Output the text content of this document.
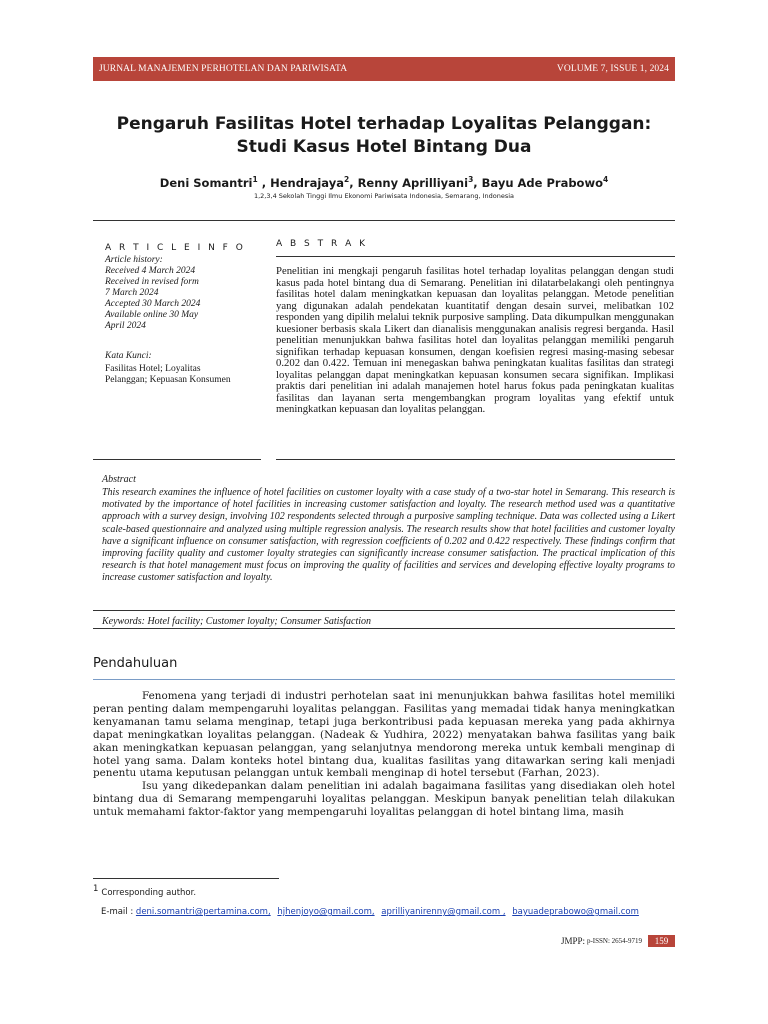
JURNAL MANAJEMEN PERHOTELAN DAN PARIWISATA	VOLUME 7, ISSUE 1, 2024
Pengaruh Fasilitas Hotel terhadap Loyalitas Pelanggan: Studi Kasus Hotel Bintang Dua
Deni Somantri$^1$ , Hendrajaya$^2$, Renny Aprilliyani$^3$, Bayu Ade Prabowo$^4$
1,2,3,4 Sekolah Tinggi Ilmu Ekonomi Pariwisata Indonesia, Semarang, Indonesia
A R T I C L E I N F O
Article history:
Received 4 March 2024
Received in revised form
7 March 2024
Accepted 30 March 2024
Available online 30 May
April 2024
Kata Kunci:
Fasilitas Hotel; Loyalitas Pelanggan; Kepuasan Konsumen
A B S T R A K
Penelitian ini mengkaji pengaruh fasilitas hotel terhadap loyalitas pelanggan dengan studi kasus pada hotel bintang dua di Semarang. Penelitian ini dilatarbelakangi oleh pentingnya fasilitas hotel dalam meningkatkan kepuasan dan loyalitas pelanggan. Metode penelitian yang digunakan adalah pendekatan kuantitatif dengan desain survei, melibatkan 102 responden yang dipilih melalui teknik purposive sampling. Data dikumpulkan menggunakan kuesioner berbasis skala Likert dan dianalisis menggunakan analisis regresi berganda. Hasil penelitian menunjukkan bahwa fasilitas hotel dan loyalitas pelanggan memiliki pengaruh signifikan terhadap kepuasan konsumen, dengan koefisien regresi masing-masing sebesar 0.202 dan 0.422. Temuan ini menegaskan bahwa peningkatan kualitas fasilitas dan strategi loyalitas pelanggan dapat meningkatkan kepuasan konsumen secara signifikan. Implikasi praktis dari penelitian ini adalah manajemen hotel harus fokus pada peningkatan kualitas fasilitas dan layanan serta mengembangkan program loyalitas yang efektif untuk meningkatkan kepuasan dan loyalitas pelanggan.
Abstract
This research examines the influence of hotel facilities on customer loyalty with a case study of a two-star hotel in Semarang. This research is motivated by the importance of hotel facilities in increasing customer satisfaction and loyalty. The research method used was a quantitative approach with a survey design, involving 102 respondents selected through a purposive sampling technique. Data was collected using a Likert scale-based questionnaire and analyzed using multiple regression analysis. The research results show that hotel facilities and customer loyalty have a significant influence on consumer satisfaction, with regression coefficients of 0.202 and 0.422 respectively. These findings confirm that improving facility quality and customer loyalty strategies can significantly increase consumer satisfaction. The practical implication of this research is that hotel management must focus on improving the quality of facilities and services and developing effective loyalty programs to increase customer satisfaction and loyalty.
Keywords: Hotel facility; Customer loyalty; Consumer Satisfaction
Pendahuluan

Fenomena yang terjadi di industri perhotelan saat ini menunjukkan bahwa fasilitas hotel memiliki peran penting dalam mempengaruhi loyalitas pelanggan. Fasilitas yang memadai tidak hanya meningkatkan kenyamanan tamu selama menginap, tetapi juga berkontribusi pada kepuasan mereka yang pada akhirnya dapat meningkatkan loyalitas pelanggan. (Nadeak & Yudhira, 2022) menyatakan bahwa fasilitas yang baik akan meningkatkan kepuasan pelanggan, yang selanjutnya mendorong mereka untuk kembali menginap di hotel yang sama. Dalam konteks hotel bintang dua, kualitas fasilitas yang ditawarkan sering kali menjadi penentu utama keputusan pelanggan untuk kembali menginap di hotel tersebut (Farhan, 2023).

Isu yang dikedepankan dalam penelitian ini adalah bagaimana fasilitas yang disediakan oleh hotel bintang dua di Semarang mempengaruhi loyalitas pelanggan. Meskipun banyak penelitian telah dilakukan untuk memahami faktor-faktor yang mempengaruhi loyalitas pelanggan di hotel bintang lima, masih

$^1$ Corresponding author.
E-mail : deni.somantri@pertamina.com, hjhenjoyo@gmail.com, aprilliyanirenny@gmail.com , bayuadeprabowo@gmail.com
JMPP: p-ISSN: 2654-9719	159
